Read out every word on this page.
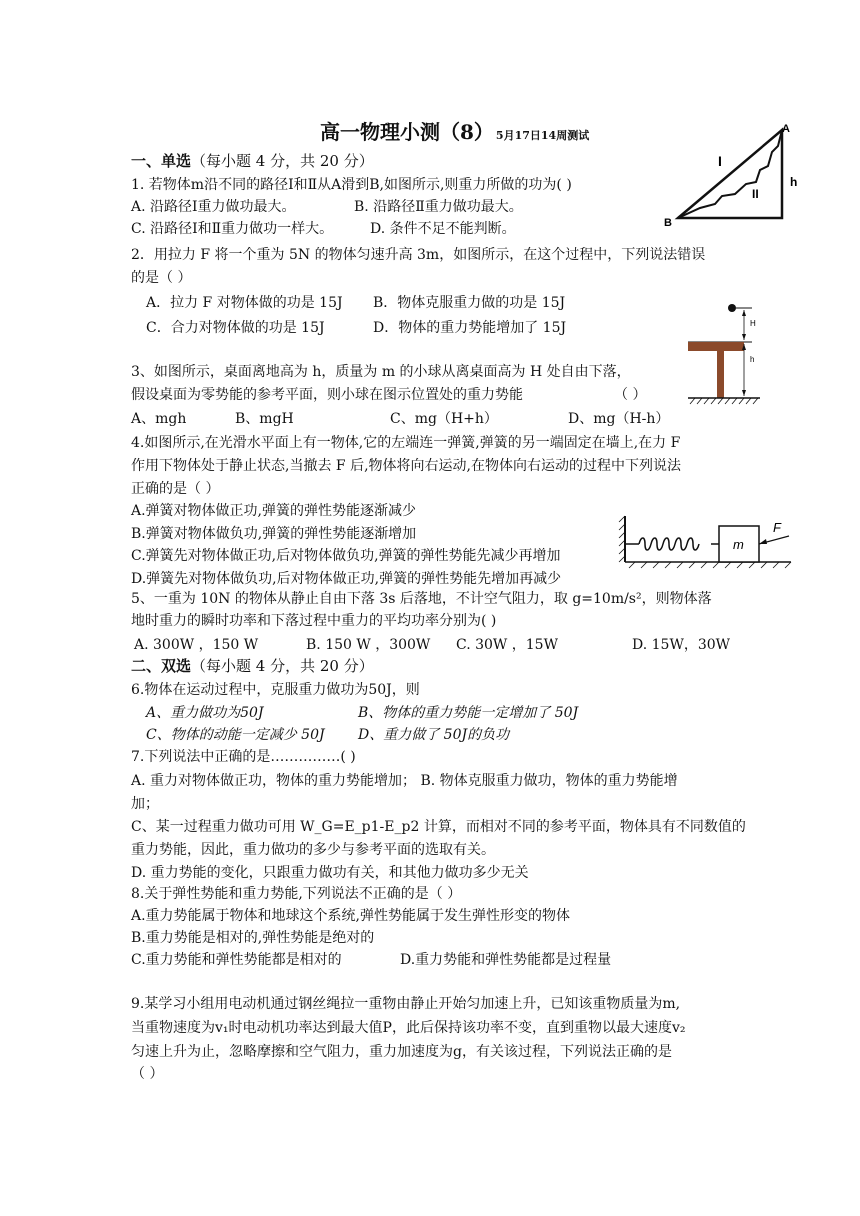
高一物理小测（8） 5月17日14周测试	A
B
I
II
h
一、单选（每小题 4 分，共 20 分）
1. 若物体m沿不同的路径Ⅰ和Ⅱ从A滑到B,如图所示,则重力所做的功为( )
A. 沿路径Ⅰ重力做功最大。	B. 沿路径Ⅱ重力做功最大。
C. 沿路径Ⅰ和Ⅱ重力做功一样大。	D. 条件不足不能判断。
2．用拉力 F 将一个重为 5N 的物体匀速升高 3m，如图所示，在这个过程中，下列说法错误
的是（ ）
A．拉力 F 对物体做的功是 15J B．物体克服重力做的功是 15J
C．合力对物体做的功是 15J	D．物体的重力势能增加了 15J	H
h
3、如图所示，桌面离地高为 h，质量为 m 的小球从离桌面高为 H 处自由下落，
假设桌面为零势能的参考平面，则小球在图示位置处的重力势能	（ ）
A、mgh	B、mgH	C、mg（H+h）	D、mg（H-h）
4.如图所示,在光滑水平面上有一物体,它的左端连一弹簧,弹簧的另一端固定在墙上,在力 F
作用下物体处于静止状态,当撤去 F 后,物体将向右运动,在物体向右运动的过程中下列说法
正确的是（ ）
A.弹簧对物体做正功,弹簧的弹性势能逐渐减少
B.弹簧对物体做负功,弹簧的弹性势能逐渐增加
C.弹簧先对物体做正功,后对物体做负功,弹簧的弹性势能先减少再增加
D.弹簧先对物体做负功,后对物体做正功,弹簧的弹性势能先增加再减少
m
F
5、一重为 10N 的物体从静止自由下落 3s 后落地，不计空气阻力，取 g=10m/s²，则物体落
地时重力的瞬时功率和下落过程中重力的平均功率分别为( )
A. 300W ，150 W	B. 150 W ，300W C. 30W ，15W	D. 15W，30W
二、双选（每小题 4 分，共 20 分）
6.物体在运动过程中，克服重力做功为50J，则
A、重力做功为50J	B、物体的重力势能一定增加了 50J
C、物体的动能一定减少 50J D、重力做了 50J的负功
7.下列说法中正确的是……………( )
A. 重力对物体做正功，物体的重力势能增加； B. 物体克服重力做功，物体的重力势能增
加；
C、某一过程重力做功可用 W_G=E_p1-E_p2 计算，而相对不同的参考平面，物体具有不同数值的
重力势能，因此，重力做功的多少与参考平面的选取有关。
D. 重力势能的变化，只跟重力做功有关，和其他力做功多少无关
8.关于弹性势能和重力势能,下列说法不正确的是（ ）
A.重力势能属于物体和地球这个系统,弹性势能属于发生弹性形变的物体
B.重力势能是相对的,弹性势能是绝对的
C.重力势能和弹性势能都是相对的	D.重力势能和弹性势能都是过程量
9.某学习小组用电动机通过钢丝绳拉一重物由静止开始匀加速上升，已知该重物质量为m,
当重物速度为v₁时电动机功率达到最大值P，此后保持该功率不变，直到重物以最大速度v₂
匀速上升为止，忽略摩擦和空气阻力，重力加速度为g，有关该过程，下列说法正确的是
（ ）
